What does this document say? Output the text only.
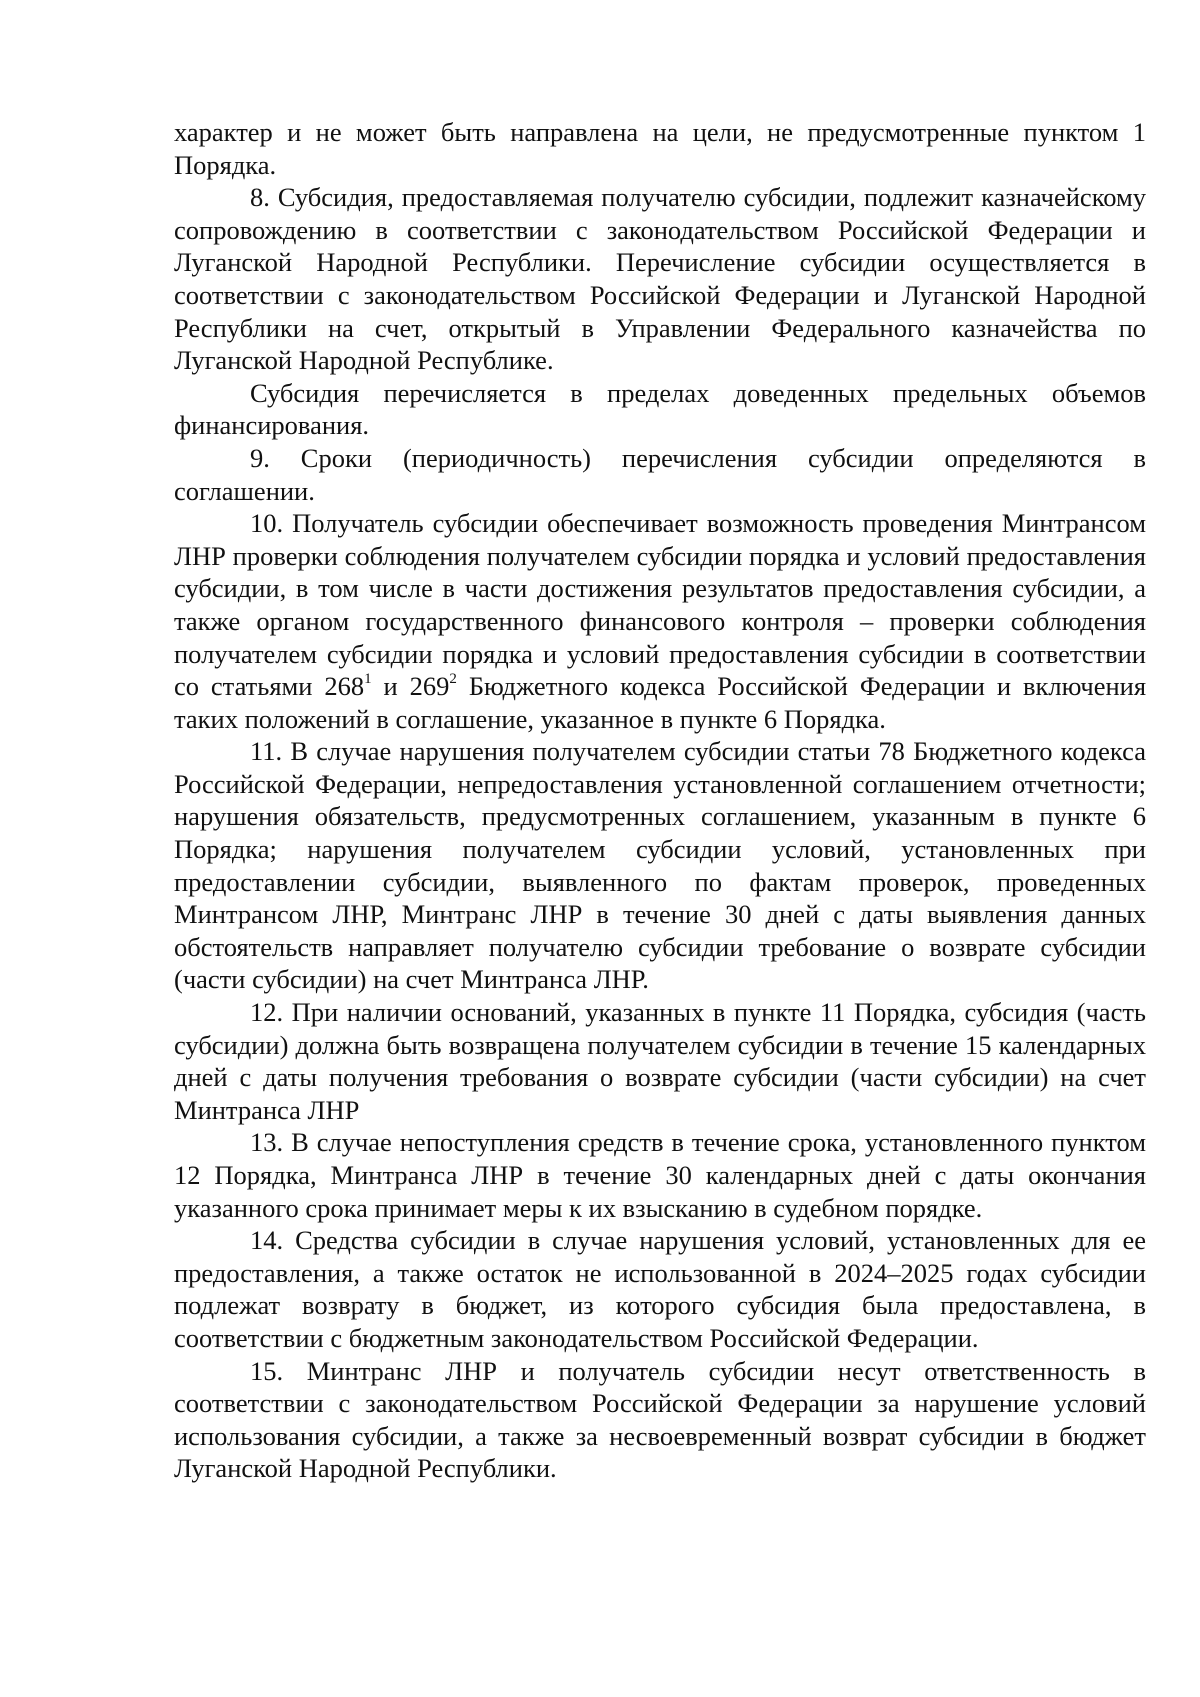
характер и не может быть направлена на цели, не предусмотренные пунктом 1 Порядка.

8. Субсидия, предоставляемая получателю субсидии, подлежит казначейскому сопровождению в соответствии с законодательством Российской Федерации и Луганской Народной Республики. Перечисление субсидии осуществляется в соответствии с законодательством Российской Федерации и Луганской Народной Республики на счет, открытый в Управлении Федерального казначейства по Луганской Народной Республике.

Субсидия перечисляется в пределах доведенных предельных объемов финансирования.

9. Сроки (периодичность) перечисления субсидии определяются в соглашении.

10. Получатель субсидии обеспечивает возможность проведения Минтрансом ЛНР проверки соблюдения получателем субсидии порядка и условий предоставления субсидии, в том числе в части достижения результатов предоставления субсидии, а также органом государственного финансового контроля – проверки соблюдения получателем субсидии порядка и условий предоставления субсидии в соответствии со статьями $268^1$ и $269^2$ Бюджетного кодекса Российской Федерации и включения таких положений в соглашение, указанное в пункте 6 Порядка.

11. В случае нарушения получателем субсидии статьи 78 Бюджетного кодекса Российской Федерации, непредоставления установленной соглашением отчетности; нарушения обязательств, предусмотренных соглашением, указанным в пункте 6 Порядка; нарушения получателем субсидии условий, установленных при предоставлении субсидии, выявленного по фактам проверок, проведенных Минтрансом ЛНР, Минтранс ЛНР в течение 30 дней с даты выявления данных обстоятельств направляет получателю субсидии требование о возврате субсидии (части субсидии) на счет Минтранса ЛНР.

12. При наличии оснований, указанных в пункте 11 Порядка, субсидия (часть субсидии) должна быть возвращена получателем субсидии в течение 15 календарных дней с даты получения требования о возврате субсидии (части субсидии) на счет Минтранса ЛНР

13. В случае непоступления средств в течение срока, установленного пунктом 12 Порядка, Минтранса ЛНР в течение 30 календарных дней с даты окончания указанного срока принимает меры к их взысканию в судебном порядке.

14. Средства субсидии в случае нарушения условий, установленных для ее предоставления, а также остаток не использованной в 2024–2025 годах субсидии подлежат возврату в бюджет, из которого субсидия была предоставлена, в соответствии с бюджетным законодательством Российской Федерации.

15. Минтранс ЛНР и получатель субсидии несут ответственность в соответствии с законодательством Российской Федерации за нарушение условий использования субсидии, а также за несвоевременный возврат субсидии в бюджет Луганской Народной Республики.
